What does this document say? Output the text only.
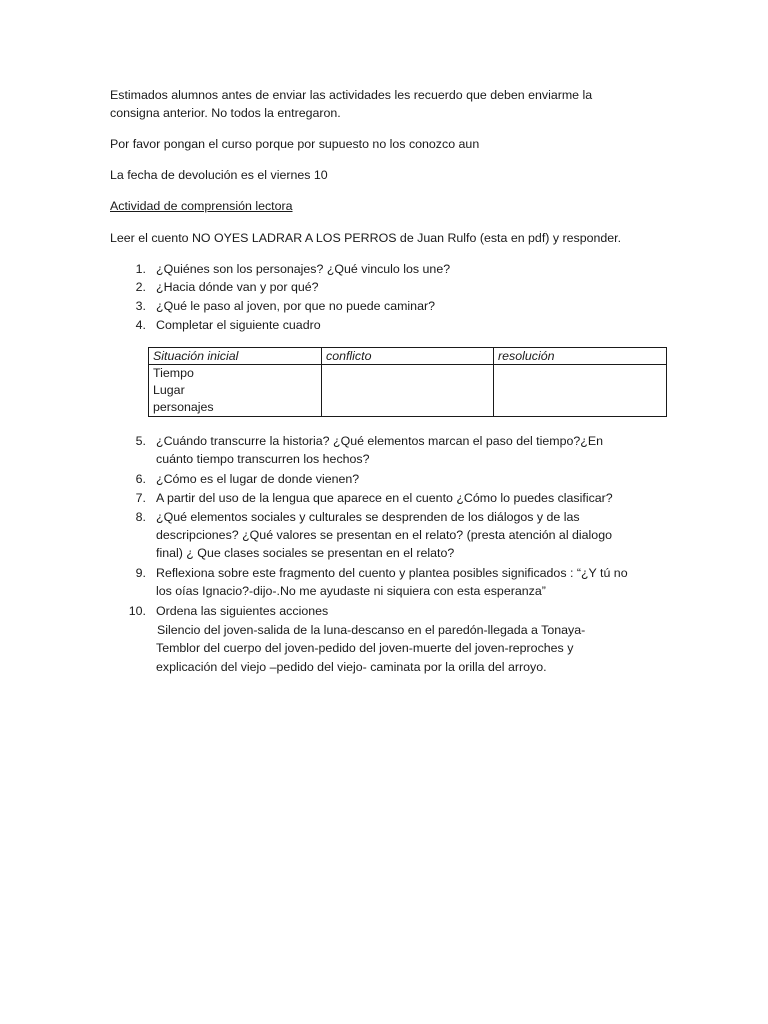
Estimados alumnos antes de enviar las actividades les recuerdo que deben enviarme la
consigna anterior. No todos la entregaron.

Por favor pongan el curso porque por supuesto no los conozco aun

La fecha de devolución es el viernes 10

Actividad de comprensión lectora

Leer el cuento NO OYES LADRAR A LOS PERROS de Juan Rulfo (esta en pdf) y responder.

1. ¿Quiénes son los personajes? ¿Qué vinculo los une?
2. ¿Hacia dónde van y por qué?
3. ¿Qué le paso al joven, por que no puede caminar?
4. Completar el siguiente cuadro
Situación inicial	conflicto	resolución

Tiempo
Lugar
personajes		

5. ¿Cuándo transcurre la historia? ¿Qué elementos marcan el paso del tiempo?¿En
cuánto tiempo transcurren los hechos?
6. ¿Cómo es el lugar de donde vienen?
7. A partir del uso de la lengua que aparece en el cuento ¿Cómo lo puedes clasificar?
8. ¿Qué elementos sociales y culturales se desprenden de los diálogos y de las
descripciones? ¿Qué valores se presentan en el relato? (presta atención al dialogo
final) ¿ Que clases sociales se presentan en el relato?
9. Reflexiona sobre este fragmento del cuento y plantea posibles significados : “¿Y tú no
los oías Ignacio?-dijo-.No me ayudaste ni siquiera con esta esperanza”
10. Ordena las siguientes acciones
Silencio del joven-salida de la luna-descanso en el paredón-llegada a Tonaya-
Temblor del cuerpo del joven-pedido del joven-muerte del joven-reproches y
explicación del viejo –pedido del viejo- caminata por la orilla del arroyo.
